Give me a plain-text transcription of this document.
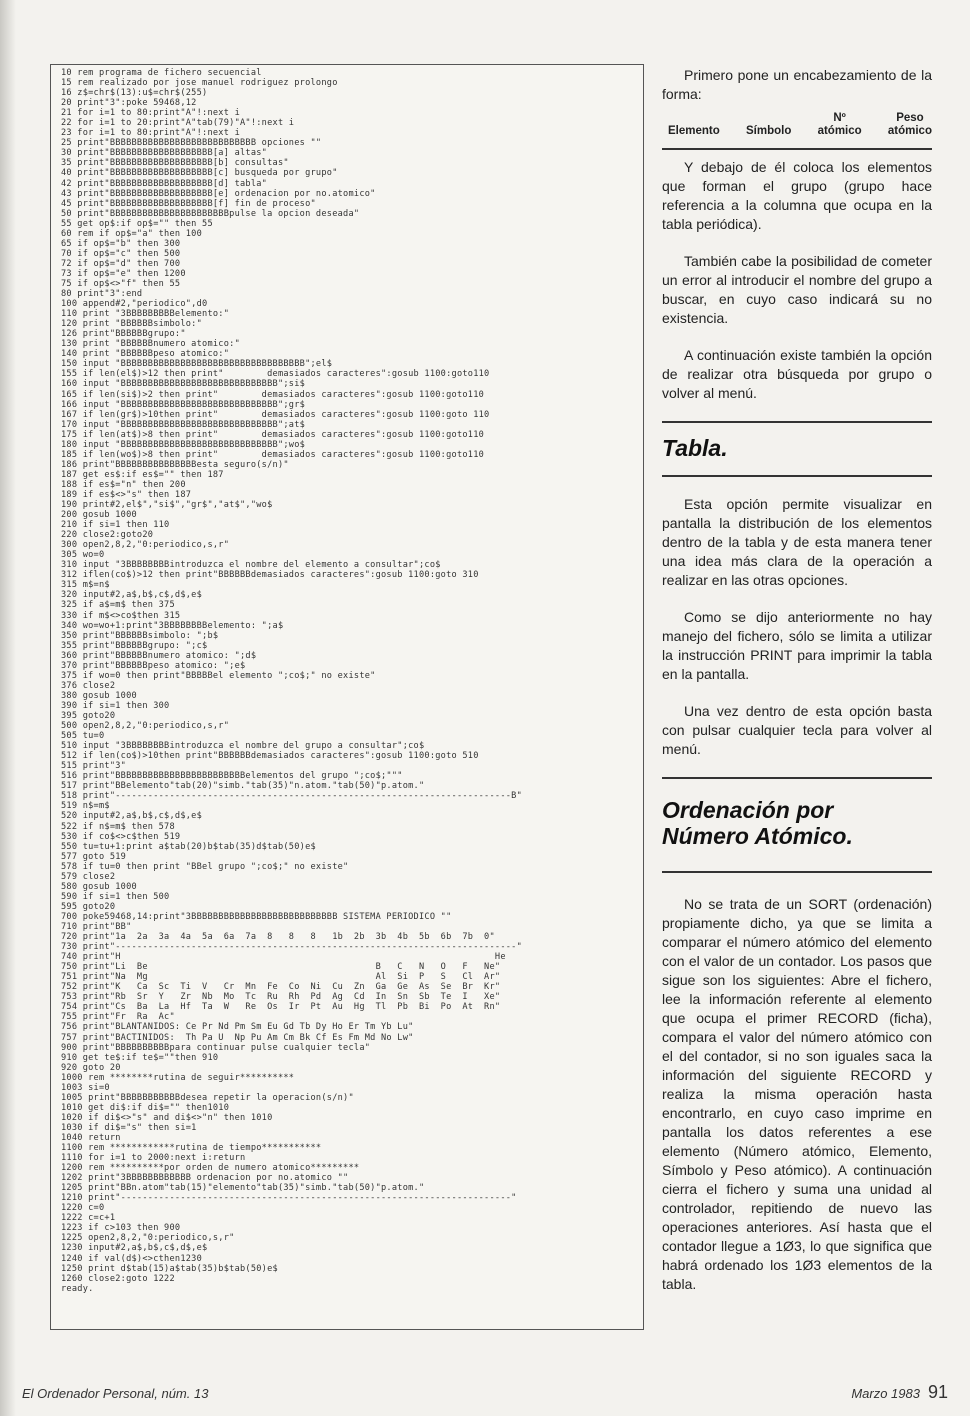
10 rem programa de fichero secuencial
15 rem realizado por jose manuel rodriguez prolongo
16 z$=chr$(13):u$=chr$(255)
20 print"3":poke 59468,12
21 for i=1 to 80:print"A"!:next i
22 for i=1 to 20:print"A"tab(79)"A"!:next i
23 for i=1 to 80:print"A"!:next i
25 print"BBBBBBBBBBBBBBBBBBBBBBBBBBB opciones ""
30 print"BBBBBBBBBBBBBBBBBBB[a] altas"
35 print"BBBBBBBBBBBBBBBBBBB[b] consultas"
40 print"BBBBBBBBBBBBBBBBBBB[c] busqueda por grupo"
42 print"BBBBBBBBBBBBBBBBBBB[d] tabla"
43 print"BBBBBBBBBBBBBBBBBBB[e] ordenacion por no.atomico"
45 print"BBBBBBBBBBBBBBBBBBB[f] fin de proceso"
50 print"BBBBBBBBBBBBBBBBBBBBBBpulse la opcion deseada"
55 get op$:if op$="" then 55
60 rem if op$="a" then 100
65 if op$="b" then 300
70 if op$="c" then 500
72 if op$="d" then 700
73 if op$="e" then 1200
75 if op$<>"f" then 55
80 print"3":end
100 append#2,"periodico",d0
110 print "3BBBBBBBBBelemento:"
120 print "BBBBBBsimbolo:"
126 print"BBBBBBgrupo:"
130 print "BBBBBBnumero atomico:"
140 print "BBBBBBpeso atomico:"
150 input "BBBBBBBBBBBBBBBBBBBBBBBBBBBBBBBBBB";el$
155 if len(el$)>12 then print"        demasiados caracteres":gosub 1100:goto110
160 input "BBBBBBBBBBBBBBBBBBBBBBBBBBBBB";si$
165 if len(si$)>2 then print"        demasiados caracteres":gosub 1100:goto110
166 input "BBBBBBBBBBBBBBBBBBBBBBBBBBBBB";gr$
167 if len(gr$)>10then print"        demasiados caracteres":gosub 1100:goto 110
170 input "BBBBBBBBBBBBBBBBBBBBBBBBBBBBB";at$
175 if len(at$)>8 then print"        demasiados caracteres":gosub 1100:goto110
180 input "BBBBBBBBBBBBBBBBBBBBBBBBBBBBB";wo$
185 if len(wo$)>8 then print"        demasiados caracteres":gosub 1100:goto110
186 print"BBBBBBBBBBBBBBBesta seguro(s/n)"
187 get es$:if es$="" then 187
188 if es$="n" then 200
189 if es$<>"s" then 187
190 print#2,el$","si$","gr$","at$","wo$
200 gosub 1000
210 if si=1 then 110
220 close2:goto20
300 open2,8,2,"0:periodico,s,r"
305 wo=0
310 input "3BBBBBBBBintroduzca el nombre del elemento a consultar";co$
312 iflen(co$)>12 then print"BBBBBBdemasiados caracteres":gosub 1100:goto 310
315 m$=n$
320 input#2,a$,b$,c$,d$,e$
325 if a$=m$ then 375
330 if m$<>co$then 315
340 wo=wo+1:print"3BBBBBBBBelemento: ";a$
350 print"BBBBBBsimbolo: ";b$
355 print"BBBBBBgrupo: ";c$
360 print"BBBBBBnumero atomico: ";d$
370 print"BBBBBBpeso atomico: ";e$
375 if wo=0 then print"BBBBBel elemento ";co$;" no existe"
376 close2
380 gosub 1000
390 if si=1 then 300
395 goto20
500 open2,8,2,"0:periodico,s,r"
505 tu=0
510 input "3BBBBBBBBintroduzca el nombre del grupo a consultar";co$
512 if len(co$)>10then print"BBBBBBdemasiados caracteres":gosub 1100:goto 510
515 print"3"
516 print"BBBBBBBBBBBBBBBBBBBBBBBBelementos del grupo ";co$;"""
517 print"BBelemento"tab(20)"simb."tab(35)"n.atom."tab(50)"p.atom."
518 print"-------------------------------------------------------------------------B"
519 n$=m$
520 input#2,a$,b$,c$,d$,e$
522 if n$=m$ then 578
530 if co$<>c$then 519
550 tu=tu+1:print a$tab(20)b$tab(35)d$tab(50)e$
577 goto 519
578 if tu=0 then print "BBel grupo ";co$;" no existe"
579 close2
580 gosub 1000
590 if si=1 then 500
595 goto20
700 poke59468,14:print"3BBBBBBBBBBBBBBBBBBBBBBBBBBB SISTEMA PERIODICO ""
710 print"BB"
720 print"1a  2a  3a  4a  5a  6a  7a  8   8   8   1b  2b  3b  4b  5b  6b  7b  0"
730 print"--------------------------------------------------------------------------"
740 print"H                                                                     He
750 print"Li  Be                                          B   C   N   O   F   Ne"
751 print"Na  Mg                                          Al  Si  P   S   Cl  Ar"
752 print"K   Ca  Sc  Ti  V   Cr  Mn  Fe  Co  Ni  Cu  Zn  Ga  Ge  As  Se  Br  Kr"
753 print"Rb  Sr  Y   Zr  Nb  Mo  Tc  Ru  Rh  Pd  Ag  Cd  In  Sn  Sb  Te  I   Xe"
754 print"Cs  Ba  La  Hf  Ta  W   Re  Os  Ir  Pt  Au  Hg  Tl  Pb  Bi  Po  At  Rn"
755 print"Fr  Ra  Ac"
756 print"BLANTANIDOS: Ce Pr Nd Pm Sm Eu Gd Tb Dy Ho Er Tm Yb Lu"
757 print"BACTINIDOS:  Th Pa U  Np Pu Am Cm Bk Cf Es Fm Md No Lw"
900 print"BBBBBBBBBBpara continuar pulse cualquier tecla"
910 get te$:if te$=""then 910
920 goto 20
1000 rem ********rutina de seguir**********
1003 si=0
1005 print"BBBBBBBBBBBdesea repetir la operacion(s/n)"
1010 get di$:if di$="" then1010
1020 if di$<>"s" and di$<>"n" then 1010
1030 if di$="s" then si=1
1040 return
1100 rem ************rutina de tiempo***********
1110 for i=1 to 2000:next i:return
1200 rem **********por orden de numero atomico*********
1202 print"3BBBBBBBBBBBB ordenacion por no.atomico ""
1205 print"BBn.atom"tab(15)"elemento"tab(35)"simb."tab(50)"p.atom."
1210 print"------------------------------------------------------------------------"
1220 c=0
1222 c=c+1
1223 if c>103 then 900
1225 open2,8,2,"0:periodico,s,r"
1230 input#2,a$,b$,c$,d$,e$
1240 if val(d$)<>cthen1230
1250 print d$tab(15)a$tab(35)b$tab(50)e$
1260 close2:goto 1222
ready.

Primero pone un encabezamiento de la forma:

Elemento Símbolo
Nº
atómico
Peso
atómico

Y debajo de él coloca los elementos que forman el grupo (grupo hace referencia a la columna que ocupa en la tabla periódica).

También cabe la posibilidad de cometer un error al introducir el nombre del grupo a buscar, en cuyo caso indicará su no existencia.

A continuación existe también la opción de realizar otra búsqueda por grupo o volver al menú.

Tabla.

Esta opción permite visualizar en pantalla la distribución de los elementos dentro de la tabla y de esta manera tener una idea más clara de la operación a realizar en las otras opciones.

Como se dijo anteriormente no hay manejo del fichero, sólo se limita a utilizar la instrucción PRINT para imprimir la tabla en la pantalla.

Una vez dentro de esta opción basta con pulsar cualquier tecla para volver al menú.

Ordenación por
Número Atómico.

No se trata de un SORT (ordenación) propiamente dicho, ya que se limita a comparar el número atómico del elemento con el valor de un contador. Los pasos que sigue son los siguientes: Abre el fichero, lee la información referente al elemento que ocupa el primer RECORD (ficha), compara el valor del número atómico con el del contador, si no son iguales saca la información del siguiente RECORD y realiza la misma operación hasta encontrarlo, en cuyo caso imprime en pantalla los datos referentes a ese elemento (Número atómico, Elemento, Símbolo y Peso atómico). A continuación cierra el fichero y suma una unidad al controlador, repitiendo de nuevo las operaciones anteriores. Así hasta que el contador llegue a 1Ø3, lo que significa que habrá ordenado los 1Ø3 elementos de la tabla.

El Ordenador Personal, núm. 13	Marzo 1983 91
